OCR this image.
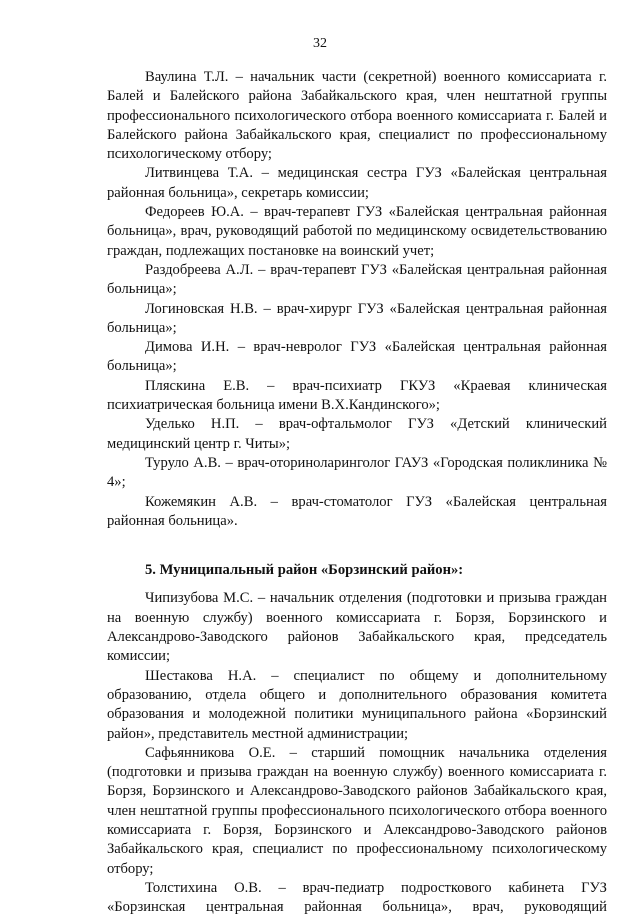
32

Ваулина Т.Л. – начальник части (секретной) военного комиссариата г. Балей и Балейского района Забайкальского края, член нештатной группы профессионального психологического отбора военного комиссариата г. Балей и Балейского района Забайкальского края, специалист по профессиональному психологическому отбору;

Литвинцева Т.А. – медицинская сестра ГУЗ «Балейская центральная районная больница», секретарь комиссии;

Федореев Ю.А. – врач-терапевт ГУЗ «Балейская центральная районная больница», врач, руководящий работой по медицинскому освидетельствованию граждан, подлежащих постановке на воинский учет;

Раздобреева А.Л. – врач-терапевт ГУЗ «Балейская центральная районная больница»;

Логиновская Н.В. – врач-хирург ГУЗ «Балейская центральная районная больница»;

Димова И.Н. – врач-невролог ГУЗ «Балейская центральная районная больница»;

Пляскина Е.В. – врач-психиатр ГКУЗ «Краевая клиническая психиатрическая больница имени В.Х.Кандинского»;

Уделько Н.П. – врач-офтальмолог ГУЗ «Детский клинический медицинский центр г. Читы»;

Туруло А.В. – врач-оториноларинголог ГАУЗ «Городская поликлиника № 4»;

Кожемякин А.В. – врач-стоматолог ГУЗ «Балейская центральная районная больница».

5. Муниципальный район «Борзинский район»:

Чипизубова М.С. – начальник отделения (подготовки и призыва граждан на военную службу) военного комиссариата г. Борзя, Борзинского и Александрово-Заводского районов Забайкальского края, председатель комиссии;

Шестакова Н.А. – специалист по общему и дополнительному образованию, отдела общего и дополнительного образования комитета образования и молодежной политики муниципального района «Борзинский район», представитель местной администрации;

Сафьянникова О.Е. – старший помощник начальника отделения (подготовки и призыва граждан на военную службу) военного комиссариата г. Борзя, Борзинского и Александрово-Заводского районов Забайкальского края, член нештатной группы профессионального психологического отбора военного комиссариата г. Борзя, Борзинского и Александрово-Заводского районов Забайкальского края, специалист по профессиональному психологическому отбору;

Толстихина О.В. – врач-педиатр подросткового кабинета ГУЗ «Борзинская центральная районная больница», врач, руководящий
